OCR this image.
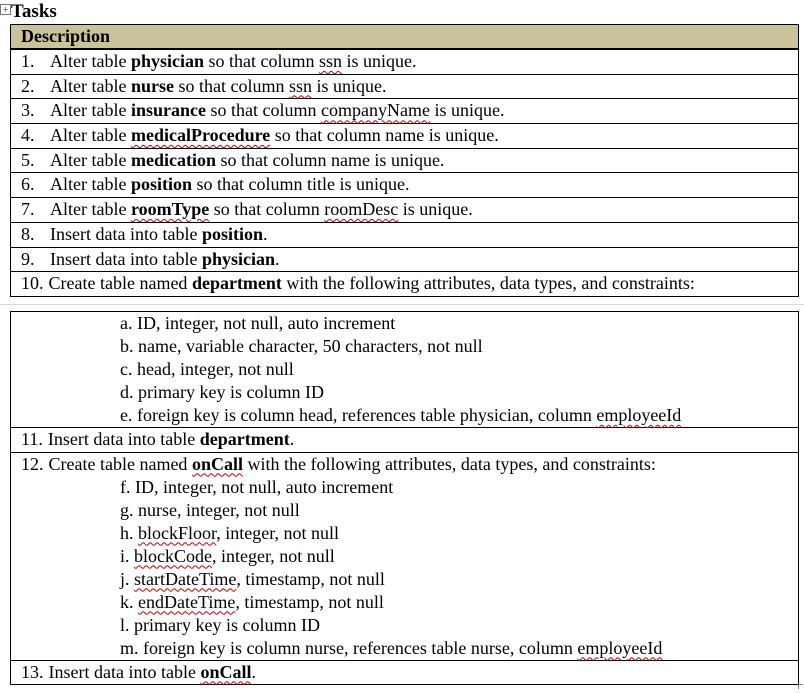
+ Tasks
Description

1. Alter table physician so that column ssn is unique.

2. Alter table nurse so that column ssn is unique.

3. Alter table insurance so that column companyName is unique.

4. Alter table medicalProcedure so that column name is unique.

5. Alter table medication so that column name is unique.

6. Alter table position so that column title is unique.

7. Alter table roomType so that column roomDesc is unique.

8. Insert data into table position.

9. Insert data into table physician.

10. Create table named department with the following attributes, data types, and constraints:
a. ID, integer, not null, auto increment
b. name, variable character, 50 characters, not null
c. head, integer, not null
d. primary key is column ID
e. foreign key is column head, references table physician, column employeeId

11. Insert data into table department.

12. Create table named onCall with the following attributes, data types, and constraints:
f. ID, integer, not null, auto increment
g. nurse, integer, not null
h. blockFloor, integer, not null
i. blockCode, integer, not null
j. startDateTime, timestamp, not null
k. endDateTime, timestamp, not null
l. primary key is column ID
m. foreign key is column nurse, references table nurse, column employeeId

13. Insert data into table onCall.
